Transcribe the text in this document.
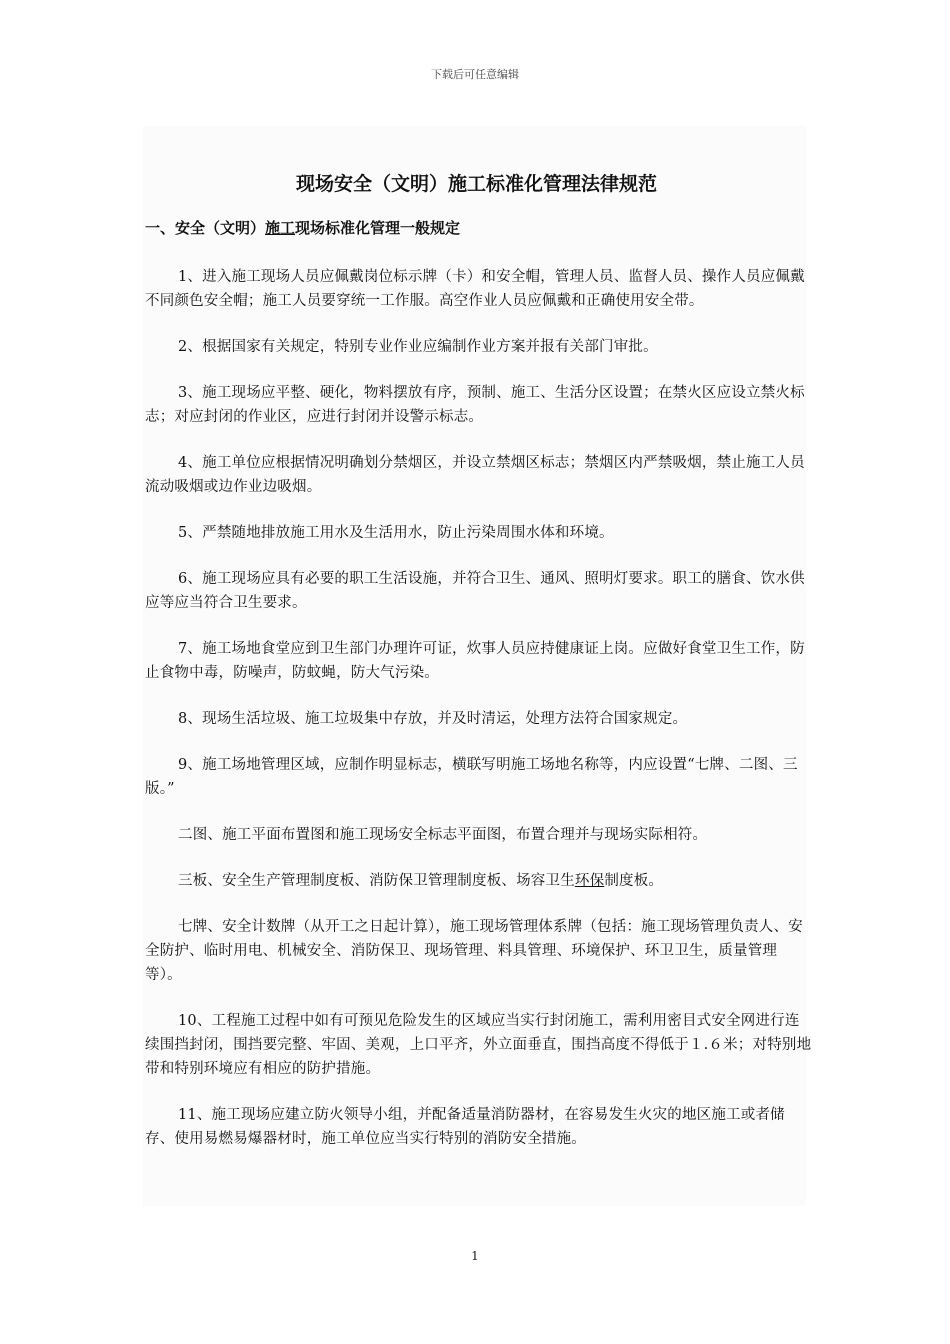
下载后可任意编辑
现场安全（文明）施工标准化管理法律规范
一、安全（文明）施工现场标准化管理一般规定

1、进入施工现场人员应佩戴岗位标示牌（卡）和安全帽，管理人员、监督人员、操作人员应佩戴不同颜色安全帽；施工人员要穿统一工作服。高空作业人员应佩戴和正确使用安全带。

2、根据国家有关规定，特别专业作业应编制作业方案并报有关部门审批。

3、施工现场应平整、硬化，物料摆放有序，预制、施工、生活分区设置；在禁火区应设立禁火标志；对应封闭的作业区，应进行封闭并设警示标志。

4、施工单位应根据情况明确划分禁烟区，并设立禁烟区标志；禁烟区内严禁吸烟，禁止施工人员流动吸烟或边作业边吸烟。

5、严禁随地排放施工用水及生活用水，防止污染周围水体和环境。

6、施工现场应具有必要的职工生活设施，并符合卫生、通风、照明灯要求。职工的膳食、饮水供应等应当符合卫生要求。

7、施工场地食堂应到卫生部门办理许可证，炊事人员应持健康证上岗。应做好食堂卫生工作，防止食物中毒，防噪声，防蚊蝇，防大气污染。

8、现场生活垃圾、施工垃圾集中存放，并及时清运，处理方法符合国家规定。

9、施工场地管理区域，应制作明显标志，横联写明施工场地名称等，内应设置“七牌、二图、三版。”

二图、施工平面布置图和施工现场安全标志平面图，布置合理并与现场实际相符。

三板、安全生产管理制度板、消防保卫管理制度板、场容卫生环保制度板。

七牌、安全计数牌（从开工之日起计算），施工现场管理体系牌（包括：施工现场管理负责人、安全防护、临时用电、机械安全、消防保卫、现场管理、料具管理、环境保护、环卫卫生，质量管理等）。

10、工程施工过程中如有可预见危险发生的区域应当实行封闭施工，需利用密目式安全网进行连续围挡封闭，围挡要完整、牢固、美观，上口平齐，外立面垂直，围挡高度不得低于１.６米；对特别地带和特别环境应有相应的防护措施。

11、施工现场应建立防火领导小组，并配备适量消防器材，在容易发生火灾的地区施工或者储存、使用易燃易爆器材时，施工单位应当实行特别的消防安全措施。

1
